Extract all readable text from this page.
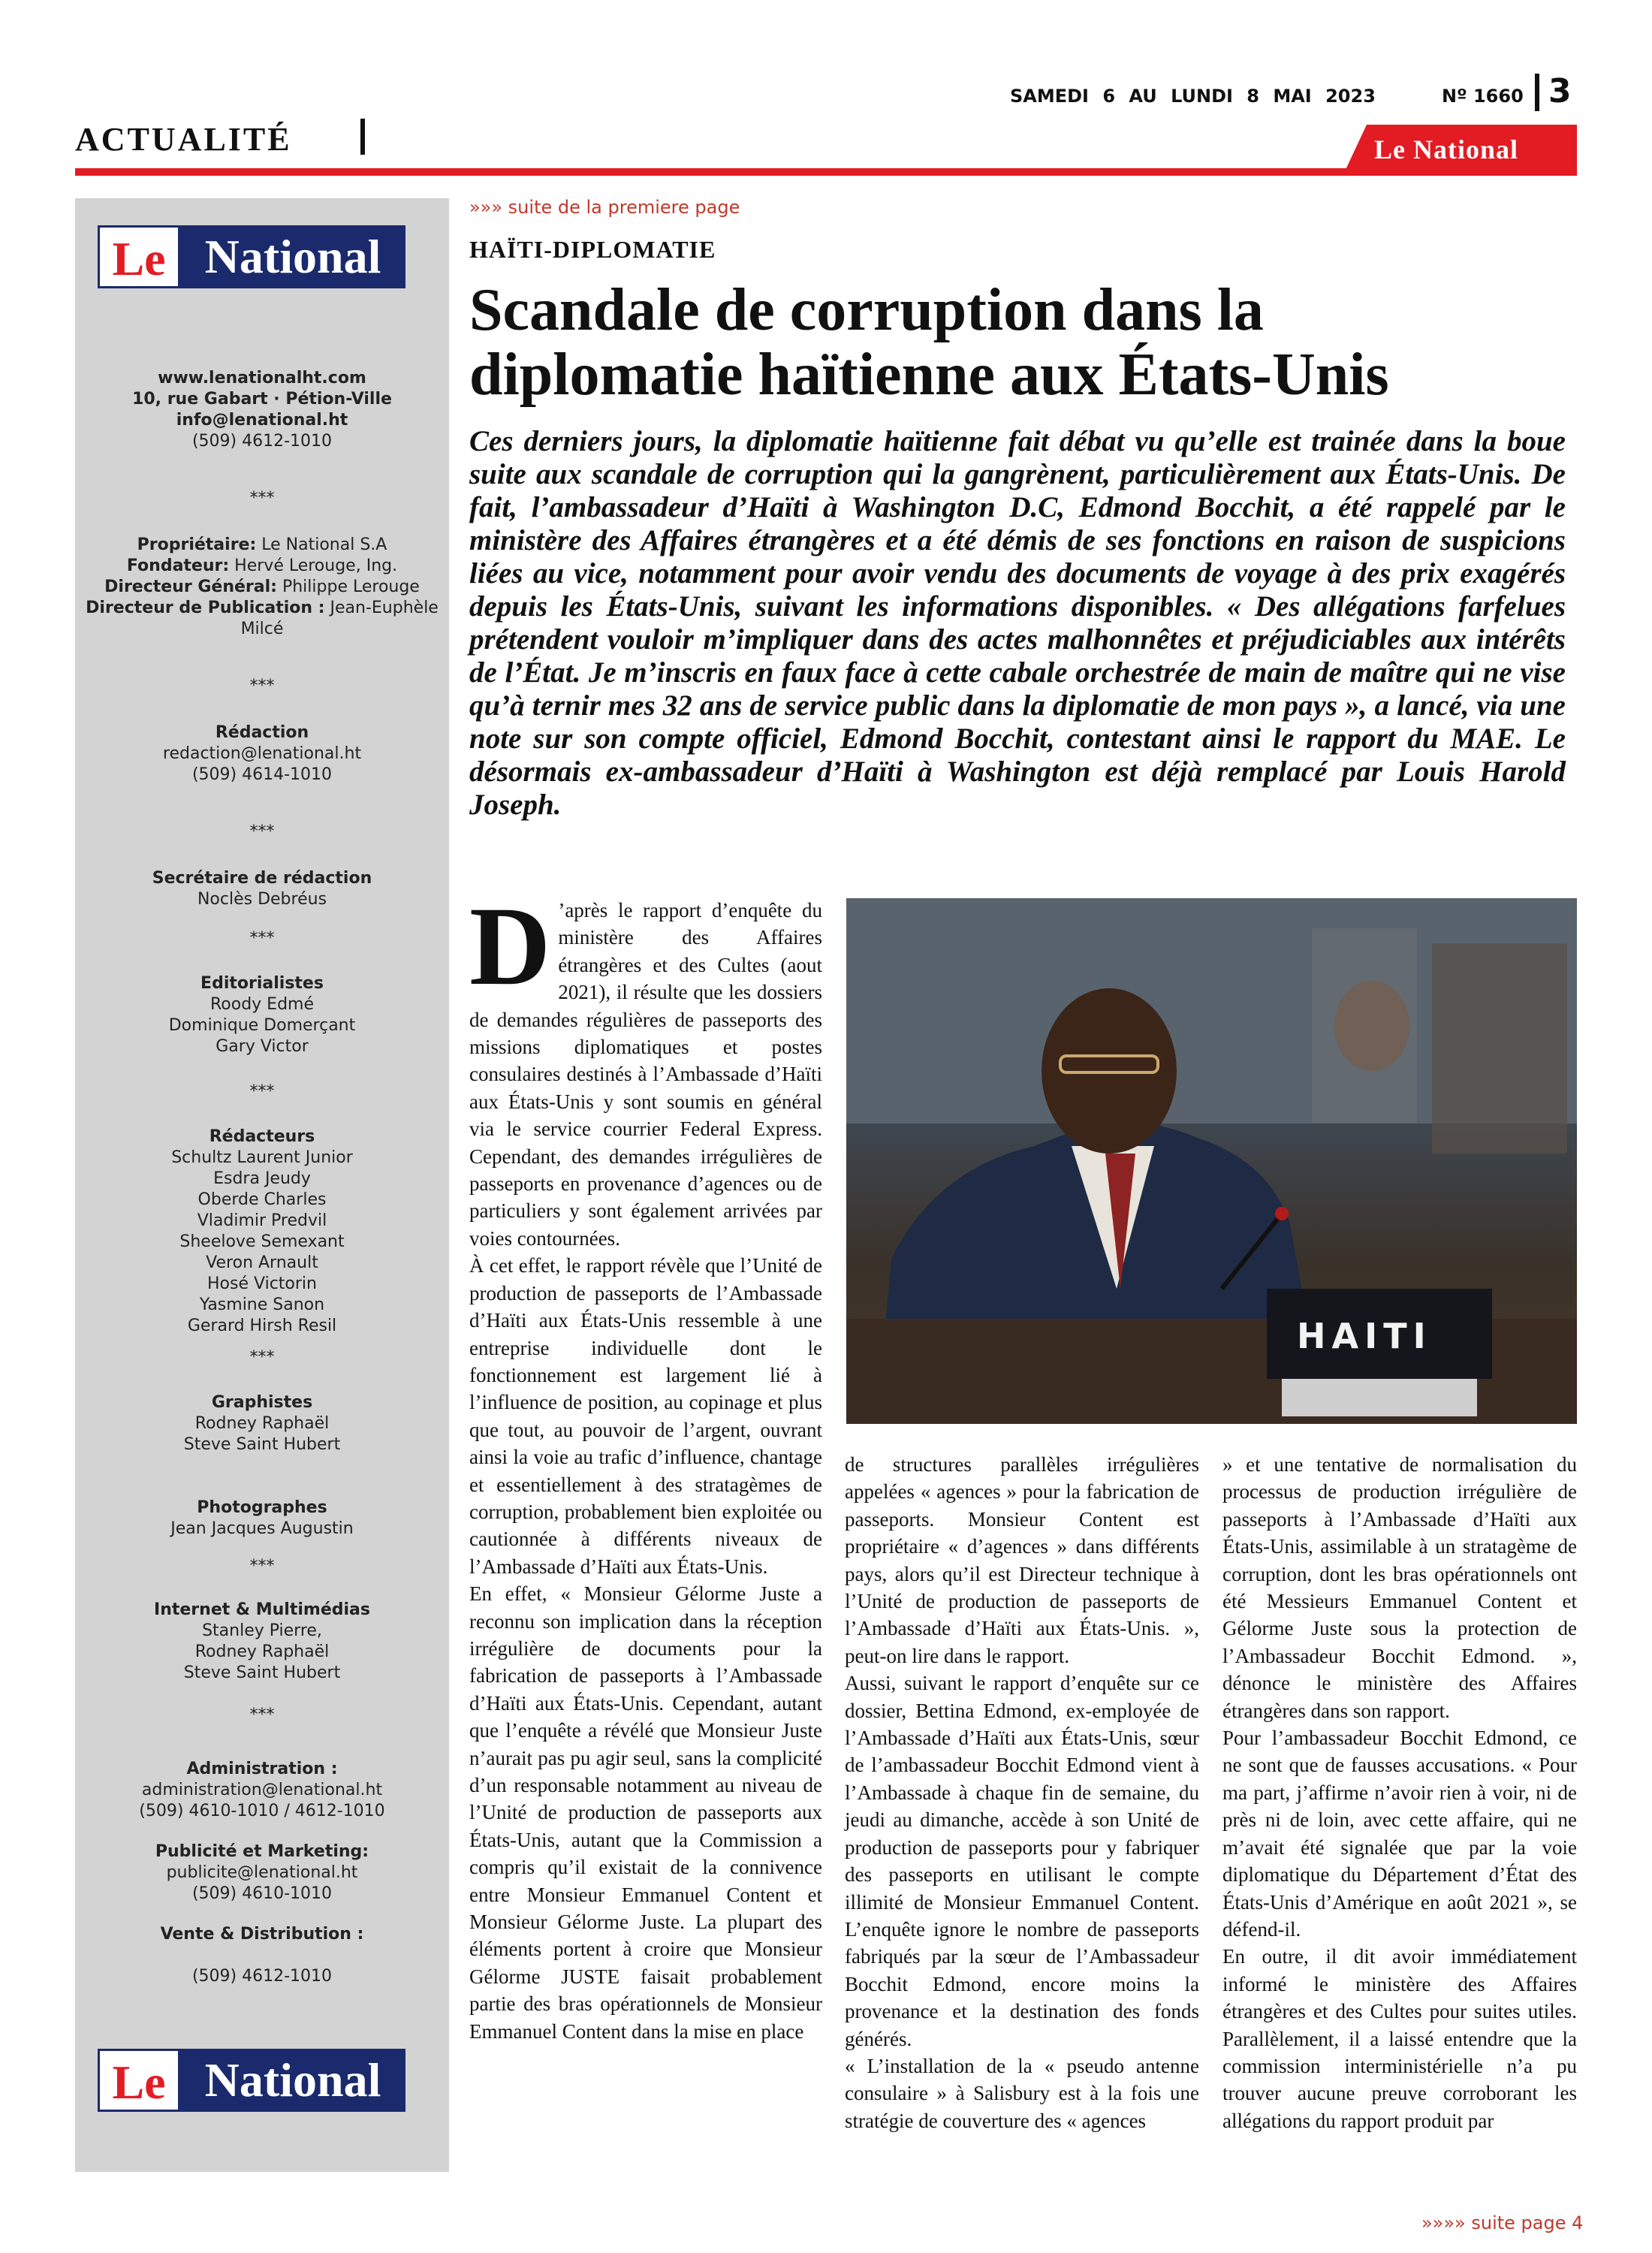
ACTUALITÉ
SAMEDI 6 AU LUNDI 8 MAI 2023	Nº 1660 3
Le National
Le National
www.lenationalht.com
10, rue Gabart · Pétion-Ville
info@lenational.ht
(509) 4612-1010
***
Propriétaire: Le National S.A
Fondateur: Hervé Lerouge, Ing.
Directeur Général: Philippe Lerouge
Directeur de Publication : Jean-Euphèle Milcé
***
Rédaction
redaction@lenational.ht
(509) 4614-1010
***
Secrétaire de rédaction
Noclès Debréus
***
Editorialistes
Roody Edmé
Dominique Domerçant
Gary Victor
***
Rédacteurs
Schultz Laurent Junior
Esdra Jeudy
Oberde Charles
Vladimir Predvil
Sheelove Semexant
Veron Arnault
Hosé Victorin
Yasmine Sanon
Gerard Hirsh Resil
***
Graphistes
Rodney Raphaël
Steve Saint Hubert
Photographes
Jean Jacques Augustin
***
Internet & Multimédias
Stanley Pierre,
Rodney Raphaël
Steve Saint Hubert
***
Administration :
administration@lenational.ht
(509) 4610-1010 / 4612-1010
Publicité et Marketing:
publicite@lenational.ht
(509) 4610-1010
Vente & Distribution :
(509) 4612-1010
Le National
»»» suite de la premiere page
HAÏTI-DIPLOMATIE
Scandale de corruption dans la
diplomatie haïtienne aux États-Unis
Ces derniers jours, la diplomatie haïtienne fait débat vu qu’elle est trainée dans la boue suite aux scandale de corruption qui la gangrènent, particulièrement aux États-Unis. De fait, l’ambassadeur d’Haïti à Washington D.C, Edmond Bocchit, a été rappelé par le ministère des Affaires étrangères et a été démis de ses fonctions en raison de suspicions liées au vice, notamment pour avoir vendu des documents de voyage à des prix exagérés depuis les États-Unis, suivant les informations disponibles. « Des allégations farfelues prétendent vouloir m’impliquer dans des actes malhonnêtes et préjudiciables aux intérêts de l’État. Je m’inscris en faux face à cette cabale orchestrée de main de maître qui ne vise qu’à ternir mes 32 ans de service public dans la diplomatie de mon pays », a lancé, via une note sur son compte officiel, Edmond Bocchit, contestant ainsi le rapport du MAE. Le désormais ex-ambassadeur d’Haïti à Washington est déjà remplacé par Louis Harold Joseph.

D ’après le rapport d’enquête du ministère des Affaires étrangères et des Cultes (aout 2021), il résulte que les dossiers de demandes régulières de passeports des missions diplomatiques et postes consulaires destinés à l’Ambassade d’Haïti aux États-Unis y sont soumis en général via le service courrier Federal Express. Cependant, des demandes irrégulières de passeports en provenance d’agences ou de particuliers y sont également arrivées par voies contournées.

À cet effet, le rapport révèle que l’Unité de production de passeports de l’Ambassade d’Haïti aux États-Unis ressemble à une entreprise individuelle dont le fonctionnement est largement lié à l’influence de position, au copinage et plus que tout, au pouvoir de l’argent, ouvrant ainsi la voie au trafic d’influence, chantage et essentiellement à des stratagèmes de corruption, probablement bien exploitée ou cautionnée à différents niveaux de l’Ambassade d’Haïti aux États-Unis.

En effet, « Monsieur Gélorme Juste a reconnu son implication dans la réception irrégulière de documents pour la fabrication de passeports à l’Ambassade d’Haïti aux États-Unis. Cependant, autant que l’enquête a révélé que Monsieur Juste n’aurait pas pu agir seul, sans la complicité d’un responsable notamment au niveau de l’Unité de production de passeports aux États-Unis, autant que la Commission a compris qu’il existait de la connivence entre Monsieur Emmanuel Content et Monsieur Gélorme Juste. La plupart des éléments portent à croire que Monsieur Gélorme JUSTE faisait probablement partie des bras opérationnels de Monsieur Emmanuel Content dans la mise en place

HAITI

de structures parallèles irrégulières appelées « agences » pour la fabrication de passeports. Monsieur Content est propriétaire « d’agences » dans différents pays, alors qu’il est Directeur technique à l’Unité de production de passeports de l’Ambassade d’Haïti aux États-Unis. », peut-on lire dans le rapport.

Aussi, suivant le rapport d’enquête sur ce dossier, Bettina Edmond, ex-employée de l’Ambassade d’Haïti aux États-Unis, sœur de l’ambassadeur Bocchit Edmond vient à l’Ambassade à chaque fin de semaine, du jeudi au dimanche, accède à son Unité de production de passeports pour y fabriquer des passeports en utilisant le compte illimité de Monsieur Emmanuel Content. L’enquête ignore le nombre de passeports fabriqués par la sœur de l’Ambassadeur Bocchit Edmond, encore moins la provenance et la destination des fonds générés.

« L’installation de la « pseudo antenne consulaire » à Salisbury est à la fois une stratégie de couverture des « agences

» et une tentative de normalisation du processus de production irrégulière de passeports à l’Ambassade d’Haïti aux États-Unis, assimilable à un stratagème de corruption, dont les bras opérationnels ont été Messieurs Emmanuel Content et Gélorme Juste sous la protection de l’Ambassadeur Bocchit Edmond. », dénonce le ministère des Affaires étrangères dans son rapport.

Pour l’ambassadeur Bocchit Edmond, ce ne sont que de fausses accusations. « Pour ma part, j’affirme n’avoir rien à voir, ni de près ni de loin, avec cette affaire, qui ne m’avait été signalée que par la voie diplomatique du Département d’État des États-Unis d’Amérique en août 2021 », se défend-il.

En outre, il dit avoir immédiatement informé le ministère des Affaires étrangères et des Cultes pour suites utiles. Parallèlement, il a laissé entendre que la commission interministérielle n’a pu trouver aucune preuve corroborant les allégations du rapport produit par

»»»» suite page 4
